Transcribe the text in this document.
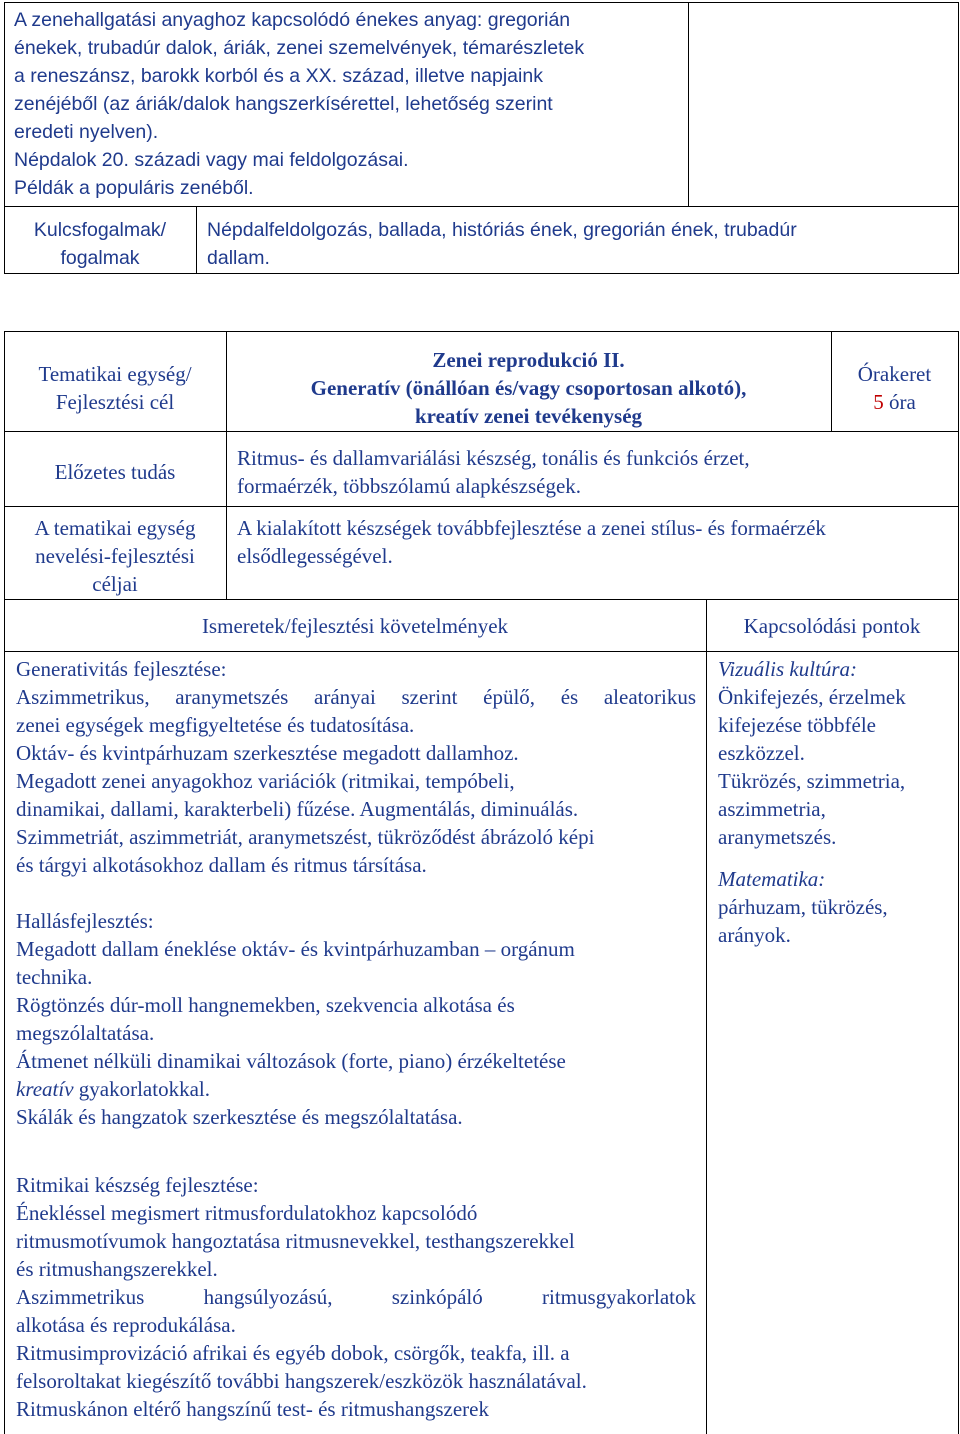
A zenehallgatási anyaghoz kapcsolódó énekes anyag: gregorián

énekek, trubadúr dalok, áriák, zenei szemelvények, témarészletek

a reneszánsz, barokk korból és a XX. század, illetve napjaink

zenéjéből (az áriák/dalok hangszerkísérettel, lehetőség szerint

eredeti nyelven).

Népdalok 20. századi vagy mai feldolgozásai.

Példák a populáris zenéből.

Kulcsfogalmak/

fogalmak

Népdalfeldolgozás, ballada, históriás ének, gregorián ének, trubadúr

dallam.

Tematikai egység/

Fejlesztési cél

Zenei reprodukció II.

Generatív (önállóan és/vagy csoportosan alkotó),

kreatív zenei tevékenység

Órakeret

5 óra

Előzetes tudás

Ritmus- és dallamvariálási készség, tonális és funkciós érzet,

formaérzék, többszólamú alapkészségek.

A tematikai egység

nevelési-fejlesztési

céljai

A kialakított készségek továbbfejlesztése a zenei stílus- és formaérzék

elsődlegességével.

Ismeretek/fejlesztési követelmények	Kapcsolódási pontok

Generativitás fejlesztése:

Aszimmetrikus, aranymetszés arányai szerint épülő, és aleatorikus

zenei egységek megfigyeltetése és tudatosítása.

Oktáv- és kvintpárhuzam szerkesztése megadott dallamhoz.

Megadott zenei anyagokhoz variációk (ritmikai, tempóbeli,

dinamikai, dallami, karakterbeli) fűzése. Augmentálás, diminuálás.

Szimmetriát, aszimmetriát, aranymetszést, tükröződést ábrázoló képi

és tárgyi alkotásokhoz dallam és ritmus társítása.

Hallásfejlesztés:

Megadott dallam éneklése oktáv- és kvintpárhuzamban – orgánum

technika.

Rögtönzés dúr-moll hangnemekben, szekvencia alkotása és

megszólaltatása.

Átmenet nélküli dinamikai változások (forte, piano) érzékeltetése

kreatív gyakorlatokkal.

Skálák és hangzatok szerkesztése és megszólaltatása.

Ritmikai készség fejlesztése:

Énekléssel megismert ritmusfordulatokhoz kapcsolódó

ritmusmotívumok hangoztatása ritmusnevekkel, testhangszerekkel

és ritmushangszerekkel.

Aszimmetrikus hangsúlyozású, szinkópáló ritmusgyakorlatok

alkotása és reprodukálása.

Ritmusimprovizáció afrikai és egyéb dobok, csörgők, teakfa, ill. a

felsoroltakat kiegészítő további hangszerek/eszközök használatával.

Ritmuskánon eltérő hangszínű test- és ritmushangszerek

Vizuális kultúra:

Önkifejezés, érzelmek

kifejezése többféle

eszközzel.

Tükrözés, szimmetria,

aszimmetria,

aranymetszés.

Matematika:

párhuzam, tükrözés,

arányok.
